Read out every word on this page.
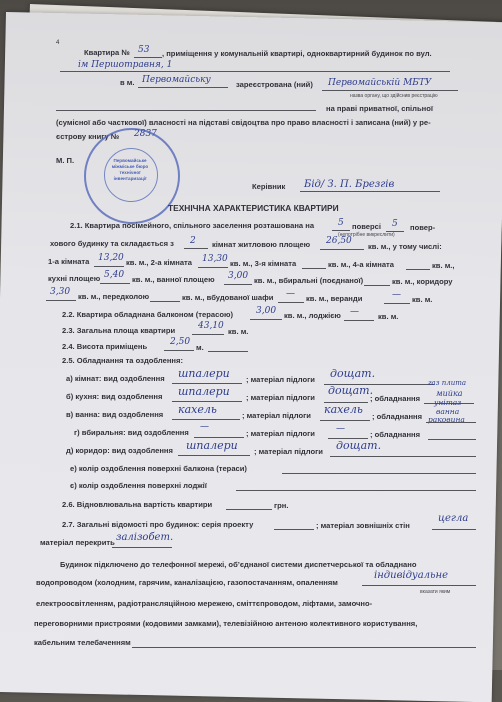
4
Квартира № 53 , приміщення у комунальній квартирі, одноквартирний будинок по вул.
ім Першотравня, 1
в м. Первомайську	зареєстрована (ний) Первомайській МБТУ
назва органу, що здійснив реєстрацію
на праві приватної, спільної
(сумісної або часткової) власності на підставі свідоцтва про право власності і записана (ний) у ре-
єстрову книгу № 2837
М. П.	Первомайське міжміське бюро технічної інвентаризації
Керівник Бід/ З. П. Брезгів
ТЕХНІЧНА ХАРАКТЕРИСТИКА КВАРТИРИ
2.1. Квартира посімейного, спільного заселення розташована на	5 поверсі 5 повер-
(непотрібне викреслити)
хового будинку та складається з 2 кімнат житловою площею 26,50
кв. м., у тому числі:
1-а кімната 13,20 кв. м., 2-а кімната 13,30 кв. м., 3-я кімната	кв. м., 4-а кімната	кв. м.,
кухні площею 5,40 кв. м., ванної площею 3,00 кв. м., вбиральні (поєднаної)	кв. м., коридору
3,30 кв. м., передколою	кв. м., вбудованої шафи — кв. м., веранди	— кв. м.
2.2. Квартира обладнана балконом (терасою)	3,00 кв. м., лоджією —	кв. м.
2.3. Загальна площа квартири	43,10
кв. м.
2.4. Висота приміщень	2,50
м.
2.5. Обладнання та оздоблення:
а) кімнат: вид оздоблення шпалери ; матеріал підлоги дощат.
б) кухня: вид оздоблення шпалери ; матеріал підлоги
дощат.
; обладнання
газ плита
мийка
в) ванна: вид оздоблення кахель	; матеріал підлоги кахель
; обладнання
унітаз
ванна
раковина
г) вбиральня: вид оздоблення
—
; матеріал підлоги —
; обладнання
д) коридор: вид оздоблення шпалери ; матеріал підлоги дощат.
е) колір оздоблення поверхні балкона (тераси)
є) колір оздоблення поверхні лоджії
2.6. Відновлювальна вартість квартири	грн.
2.7. Загальні відомості про будинок: серія проекту	; матеріал зовнішніх стін
цегла
матеріал перекрить залізобет.
Будинок підключено до телефонної мережі, об’єднаної системи диспетчерської та обладнано
водопроводом (холодним, гарячим, каналізацією, газопостачанням, опаленням
індивідуальне
вказати яким
електроосвітленням, радіотрансляційною мережею, сміттєпроводом, ліфтами, замочно-
переговорними пристроями (кодовими замками), телевізійною антеною колективного користування,
кабельним телебаченням
